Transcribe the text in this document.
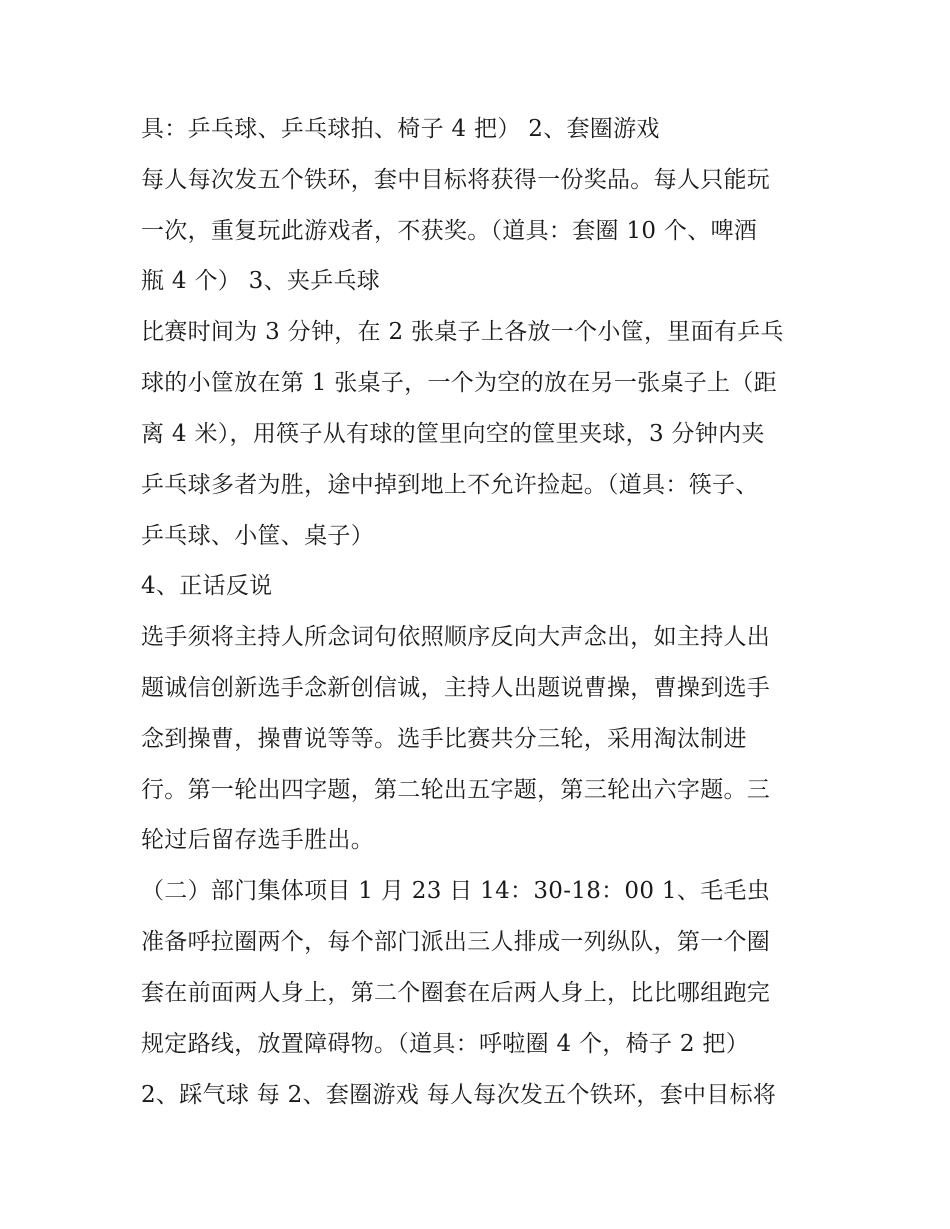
具：乒乓球、乒乓球拍、椅子 4 把） 2、套圈游戏
每人每次发五个铁环，套中目标将获得一份奖品。每人只能玩
一次，重复玩此游戏者，不获奖。（道具：套圈 10 个、啤酒
瓶 4 个） 3、夹乒乓球
比赛时间为 3 分钟，在 2 张桌子上各放一个小筐，里面有乒乓
球的小筐放在第 1 张桌子，一个为空的放在另一张桌子上（距
离 4 米），用筷子从有球的筐里向空的筐里夹球，3 分钟内夹
乒乓球多者为胜，途中掉到地上不允许捡起。（道具：筷子、
乒乓球、小筐、桌子）
4、正话反说
选手须将主持人所念词句依照顺序反向大声念出，如主持人出
题诚信创新选手念新创信诚，主持人出题说曹操，曹操到选手
念到操曹，操曹说等等。选手比赛共分三轮，采用淘汰制进
行。第一轮出四字题，第二轮出五字题，第三轮出六字题。三
轮过后留存选手胜出。
（二）部门集体项目 1 月 23 日 14：30-18：00 1、毛毛虫
准备呼拉圈两个，每个部门派出三人排成一列纵队，第一个圈
套在前面两人身上，第二个圈套在后两人身上，比比哪组跑完
规定路线，放置障碍物。（道具：呼啦圈 4 个，椅子 2 把）
2、踩气球 每 2、套圈游戏 每人每次发五个铁环，套中目标将
